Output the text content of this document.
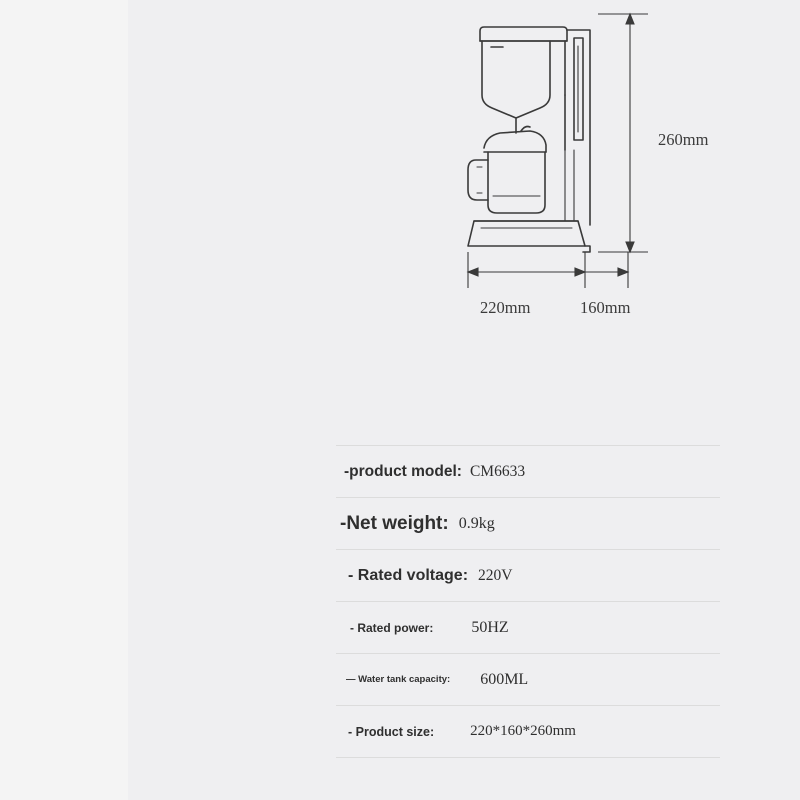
260mm
220mm	160mm
-product model: CM6633
-Net weight: 0.9kg
- Rated voltage: 220V
- Rated power: 50HZ
— Water tank capacity: 600ML
- Product size: 220*160*260mm
